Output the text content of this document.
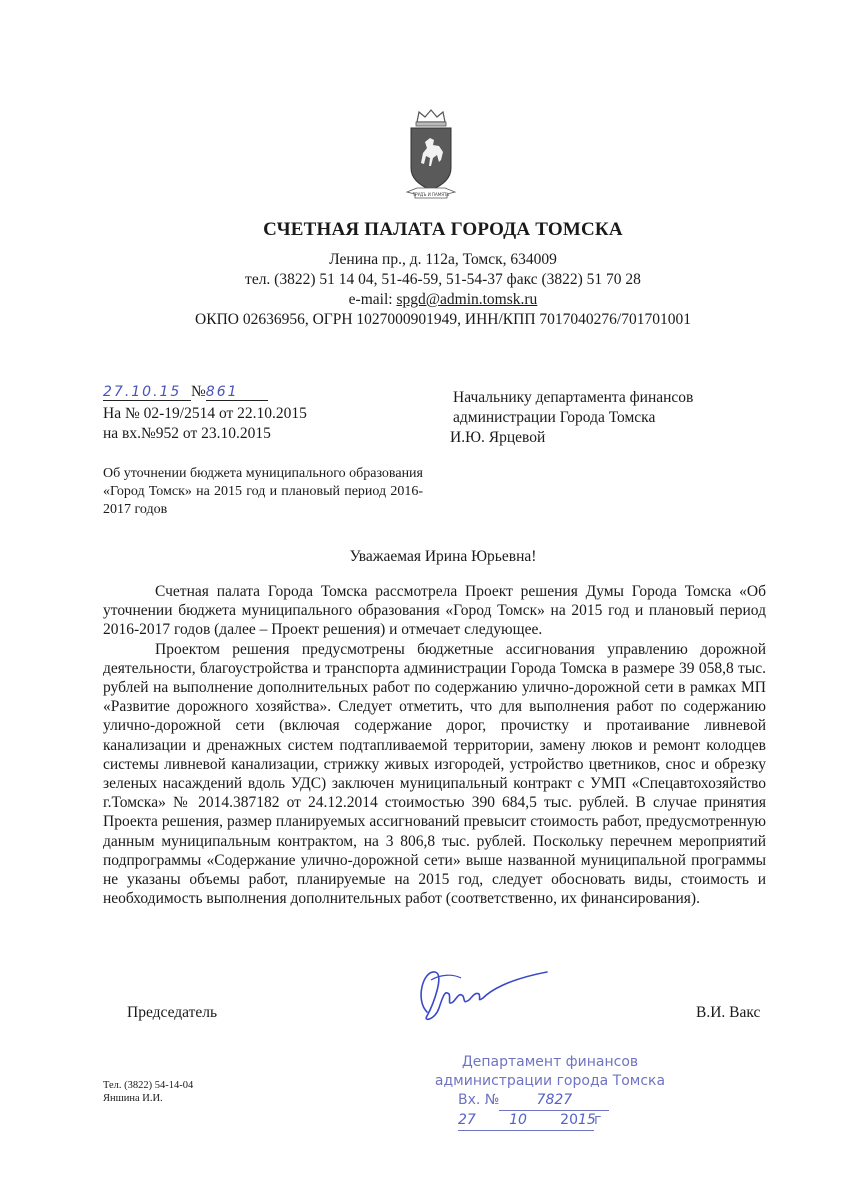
ТРУДЪ И ПАМЯТЬ
СЧЕТНАЯ ПАЛАТА ГОРОДА ТОМСКА
Ленина пр., д. 112а, Томск, 634009
тел. (3822) 51 14 04, 51-46-59, 51-54-37 факс (3822) 51 70 28
e-mail: spgd@admin.tomsk.ru
ОКПО 02636956, ОГРН 1027000901949, ИНН/КПП 7017040276/701701001
27.10.15 №861
На № 02-19/2514 от 22.10.2015
на вх.№952 от 23.10.2015
Об уточнении бюджета муниципального образования «Город Томск» на 2015 год и плановый период 2016-2017 годов
Начальнику департамента финансов
администрации Города Томска
И.Ю. Ярцевой
Уважаемая Ирина Юрьевна!

Счетная палата Города Томска рассмотрела Проект решения Думы Города Томска «Об уточнении бюджета муниципального образования «Город Томск» на 2015 год и плановый период 2016-2017 годов (далее – Проект решения) и отмечает следующее.

Проектом решения предусмотрены бюджетные ассигнования управлению дорожной деятельности, благоустройства и транспорта администрации Города Томска в размере 39 058,8 тыс. рублей на выполнение дополнительных работ по содержанию улично-дорожной сети в рамках МП «Развитие дорожного хозяйства». Следует отметить, что для выполнения работ по содержанию улично-дорожной сети (включая содержание дорог, прочистку и протаивание ливневой канализации и дренажных систем подтапливаемой территории, замену люков и ремонт колодцев системы ливневой канализации, стрижку живых изгородей, устройство цветников, снос и обрезку зеленых насаждений вдоль УДС) заключен муниципальный контракт с УМП «Спецавтохозяйство г.Томска» № 2014.387182 от 24.12.2014 стоимостью 390 684,5 тыс. рублей. В случае принятия Проекта решения, размер планируемых ассигнований превысит стоимость работ, предусмотренную данным муниципальным контрактом, на 3 806,8 тыс. рублей. Поскольку перечнем мероприятий подпрограммы «Содержание улично-дорожной сети» выше названной муниципальной программы не указаны объемы работ, планируемые на 2015 год, следует обосновать виды, стоимость и необходимость выполнения дополнительных работ (соответственно, их финансирования).

Председатель	В.И. Вакс
Тел. (3822) 54-14-04
Яншина И.И.
Департамент финансов
администрации города Томска
Вх. №	7827
27 10 2015г
